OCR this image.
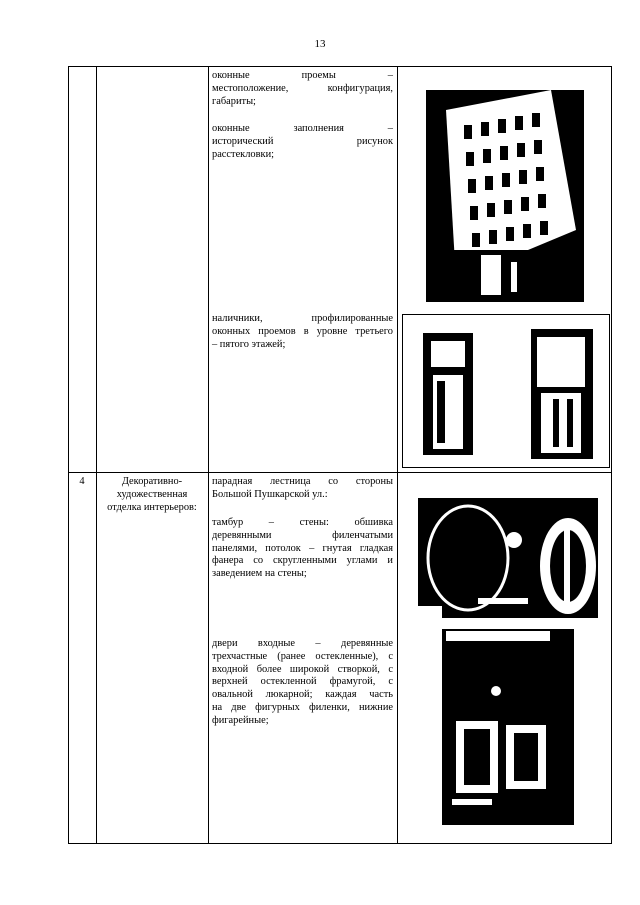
13
оконные проемы –
местоположение, конфигурация,
габариты;
оконные заполнения –
исторический рисунок
расстекловки;
наличники, профилированные
оконных проемов в уровне третьего
– пятого этажей;
4	Декоративно-
художественная
отделка интерьеров:
парадная лестница со стороны
Большой Пушкарской ул.:
тамбур – стены: обшивка
деревянными филенчатыми
панелями, потолок – гнутая гладкая
фанера со скругленными углами и
заведением на стены;
двери входные – деревянные
трехчастные (ранее остекленные), с
входной более широкой створкой, с
верхней остекленной фрамугой, с
овальной люкарной; каждая часть
на две фигурных филенки, нижние
фигарейные;
